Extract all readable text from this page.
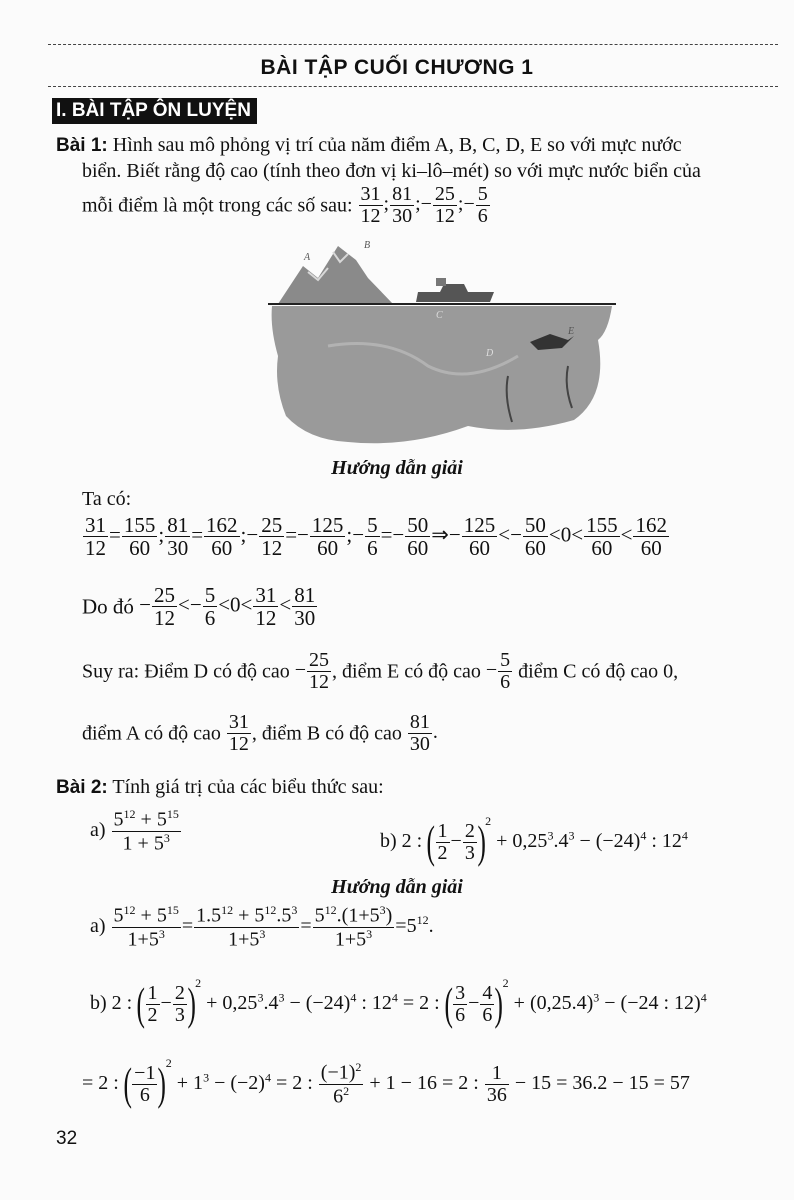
BÀI TẬP CUỐI CHƯƠNG 1
I. BÀI TẬP ÔN LUYỆN
Bài 1: Hình sau mô phỏng vị trí của năm điểm A, B, C, D, E so với mực nước
biển. Biết rằng độ cao (tính theo đơn vị ki–lô–mét) so với mực nước biển của
mỗi điểm là một trong các số sau: $\frac{31}{12}$ ; $\frac{81}{30}$ ;− $\frac{25}{12}$ ;− $\frac{5}{6}$
A
B
C
D
E
Hướng dẫn giải
Ta có:
$\frac{31}{12} = \frac{155}{60}$ ; $\frac{81}{30} = \frac{162}{60}$ ;− $\frac{25}{12} =- \frac{125}{60}$ ;− $\frac{5}{6} =- \frac{50}{60}$ ⇒− $\frac{125}{60} <- \frac{50}{60} <0< \frac{155}{60} < \frac{162}{60}$
Do đó − $\frac{25}{12} <- \frac{5}{6} <0< \frac{31}{12} < \frac{81}{30}$
Suy ra: Điểm D có độ cao − $\frac{25}{12}$ , điểm E có độ cao − $\frac{5}{6}$ điểm C có độ cao 0,
điểm A có độ cao $\frac{31}{12}$ , điểm B có độ cao $\frac{81}{30}$ .
Bài 2: Tính giá trị của các biểu thức sau:
$a) \frac{5^{12} + 5^{15}}{1 + 5^3}$	b) 2 : ( $\frac{1}{2} - \frac{2}{3} )^2 + 0,25^3.4^3 - (-24)^4$ : $12^4$
Hướng dẫn giải
$a) \frac{5^{12} + 5^{15}}{1+5^3} = \frac{1.5^{12} + 5^{12}.5^3}{1+5^3} = \frac{5^{12}.(1+5^3)}{1+5^3} =5^{12}$.
b) 2 : ( $\frac{1}{2} - \frac{2}{3} )^2 + 0,25^3.4^3 - (-24)^4$ : $12^4 = 2$ : ( $\frac{3}{6} - \frac{4}{6} )^2 + (0,25.4)^3 - (-24$ : 12)$^4$
= 2 : ( $\frac{-1}{6} )^2 + 1^3 - (-2)^4 = 2$ : $\frac{(-1)^2}{6^2} + 1 - 16 = 2$ : $\frac{1}{36} - 15 = 36.2 - 15 = 57$
32
